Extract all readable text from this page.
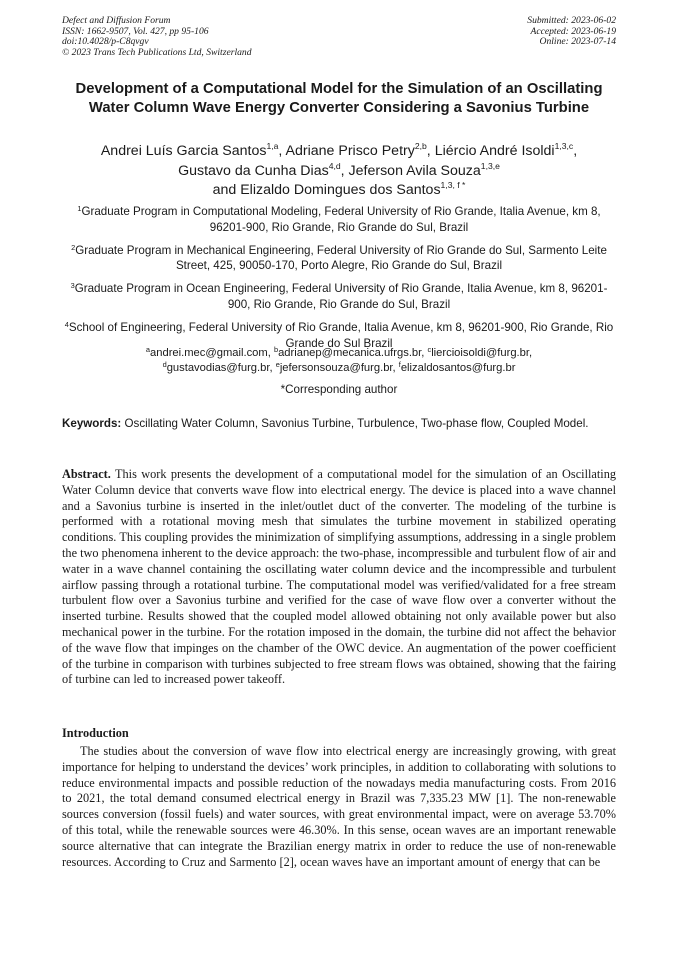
Defect and Diffusion Forum
ISSN: 1662-9507, Vol. 427, pp 95-106
doi:10.4028/p-C8qvgv
© 2023 Trans Tech Publications Ltd, Switzerland
Submitted: 2023-06-02
Accepted: 2023-06-19
Online: 2023-07-14
Development of a Computational Model for the Simulation of an Oscillating Water Column Wave Energy Converter Considering a Savonius Turbine
Andrei Luís Garcia Santos$^{1,a}$, Adriane Prisco Petry$^{2,b}$, Liércio André Isoldi$^{1,3,c}$,
Gustavo da Cunha Dias$^{4,d}$, Jeferson Avila Souza$^{1,3,e}$
and Elizaldo Domingues dos Santos$^{1,3, f *}$
$^1$Graduate Program in Computational Modeling, Federal University of Rio Grande, Italia Avenue, km 8, 96201-900, Rio Grande, Rio Grande do Sul, Brazil
$^2$Graduate Program in Mechanical Engineering, Federal University of Rio Grande do Sul, Sarmento Leite Street, 425, 90050-170, Porto Alegre, Rio Grande do Sul, Brazil
$^3$Graduate Program in Ocean Engineering, Federal University of Rio Grande, Italia Avenue, km 8, 96201-900, Rio Grande, Rio Grande do Sul, Brazil
$^4$School of Engineering, Federal University of Rio Grande, Italia Avenue, km 8, 96201-900, Rio Grande, Rio Grande do Sul Brazil
$^a$andrei.mec@gmail.com, $^b$adrianep@mecanica.ufrgs.br, $^c$liercioisoldi@furg.br,
$^d$gustavodias@furg.br, $^e$jefersonsouza@furg.br, $^f$elizaldosantos@furg.br
*Corresponding author
Keywords: Oscillating Water Column, Savonius Turbine, Turbulence, Two-phase flow, Coupled Model.
Abstract. This work presents the development of a computational model for the simulation of an Oscillating Water Column device that converts wave flow into electrical energy. The device is placed into a wave channel and a Savonius turbine is inserted in the inlet/outlet duct of the converter. The modeling of the turbine is performed with a rotational moving mesh that simulates the turbine movement in stabilized operating conditions. This coupling provides the minimization of simplifying assumptions, addressing in a single problem the two phenomena inherent to the device approach: the two-phase, incompressible and turbulent flow of air and water in a wave channel containing the oscillating water column device and the incompressible and turbulent airflow passing through a rotational turbine. The computational model was verified/validated for a free stream turbulent flow over a Savonius turbine and verified for the case of wave flow over a converter without the inserted turbine. Results showed that the coupled model allowed obtaining not only available power but also mechanical power in the turbine. For the rotation imposed in the domain, the turbine did not affect the behavior of the wave flow that impinges on the chamber of the OWC device. An augmentation of the power coefficient of the turbine in comparison with turbines subjected to free stream flows was obtained, showing that the fairing of turbine can led to increased power takeoff.
Introduction
The studies about the conversion of wave flow into electrical energy are increasingly growing, with great importance for helping to understand the devices’ work principles, in addition to collaborating with solutions to reduce environmental impacts and possible reduction of the nowadays media manufacturing costs. From 2016 to 2021, the total demand consumed electrical energy in Brazil was 7,335.23 MW [1]. The non-renewable sources conversion (fossil fuels) and water sources, with great environmental impact, were on average 53.70% of this total, while the renewable sources were 46.30%. In this sense, ocean waves are an important renewable source alternative that can integrate the Brazilian energy matrix in order to reduce the use of non-renewable resources. According to Cruz and Sarmento [2], ocean waves have an important amount of energy that can be
